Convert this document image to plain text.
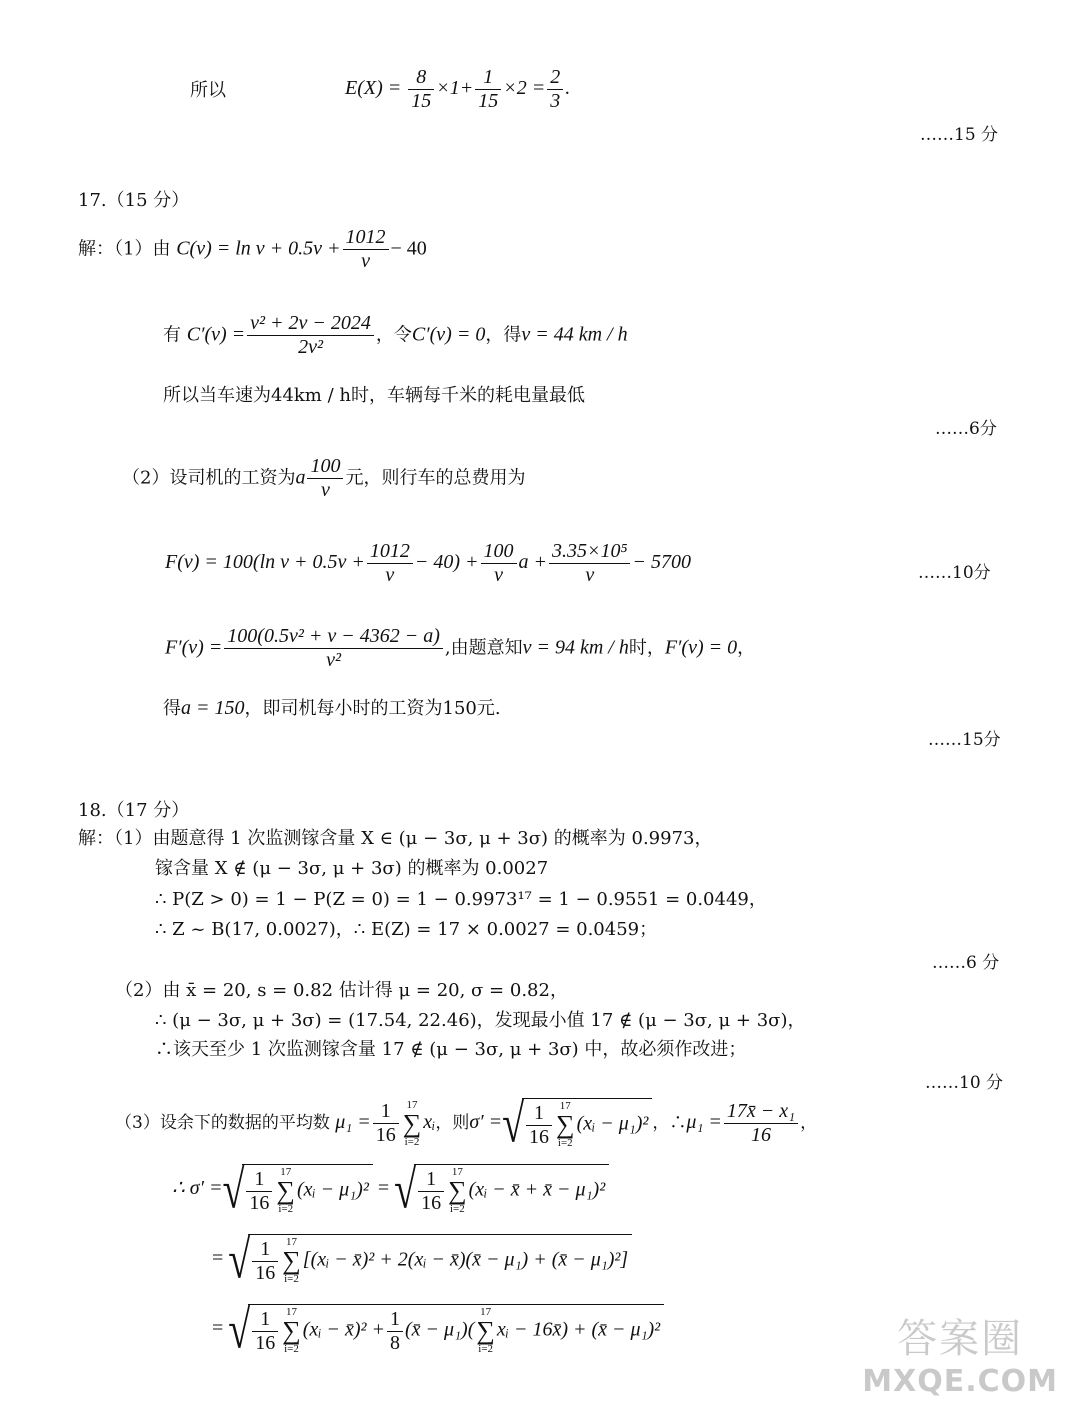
所以	$E(X) = \frac{8}{15} \times 1+ \frac{1}{15} \times 2 = \frac{2}{3}$ .
……15 分
17.（15 分）
解：（1）由 $C(v) = \ln v + 0.5v + \frac{1012}{v} - 40$
有 $C'(v) = \frac{\text{v² + 2v − 2024}}{\text{2v²}}$ ，令C′(v) = 0，得v = 44 km / h
所以当车速为44km / h时，车辆每千米的耗电量最低
……6分
（2）设司机的工资为a $\frac{100}{v}$ 元，则行车的总费用为
F(v) = 100(ln $v + 0.5v + \frac{1012}{v} - 40) + \frac{100}{v}$ $a + \frac{\text{3.35×10⁵}}{v} - 5700$	……10分
$F'(v) = \frac{\text{100(0.5v² + v − 4362 − a)}}{\text{v²}}$ ,由题意知v = 94 km / h时，F′(v) = 0，
得a = 150，即司机每小时的工资为150元.
……15分
18.（17 分）
解：（1）由题意得 1 次监测镓含量 X ∈ (μ − 3σ, μ + 3σ) 的概率为 0.9973，
镓含量 X ∉ (μ − 3σ, μ + 3σ) 的概率为 0.0027
∴ P(Z > 0) = 1 − P(Z = 0) = 1 − 0.9973¹⁷ = 1 − 0.9551 = 0.0449，
∴ Z ~ B(17, 0.0027)，∴ E(Z) = 17 × 0.0027 = 0.0459；
……6 分
（2）由 x̄ = 20, s = 0.82 估计得 μ = 20, σ = 0.82，
∴ (μ − 3σ, μ + 3σ) = (17.54, 22.46)，发现最小值 17 ∉ (μ − 3σ, μ + 3σ)，
∴该天至少 1 次监测镓含量 17 ∉ (μ − 3σ, μ + 3σ) 中，故必须作改进；
……10 分
（3）设余下的数据的平均数 $\mu_1 = \frac{1}{16} 17$
∑
i=2
xᵢ，则σ′ =√ $\frac{1}{16} 17$
∑
i=2
(xᵢ − μ₁)² ，∴μ₁ = $\frac{\text{17x̄ − x₁}}{16}$ ，
∴ σ′ =√ $\frac{1}{16} 17$
∑
i=2
(xᵢ − μ₁)² = √ $\frac{1}{16} 17$
∑
i=2
(xᵢ − x̄ + x̄ − μ₁)²
= √ $\frac{1}{16} 17$
∑
i=2
[(xᵢ − x̄)² + 2(xᵢ − x̄)(x̄ − μ₁) + (x̄ − μ₁)²]
= √ $\frac{1}{16} 17$
∑
i=2
(xᵢ − x̄)² + $\frac{1}{8}$ (x̄ − μ₁)(
17
∑
i=2
xᵢ − 16x̄) + (x̄ − μ₁)²	答案圈
MXQE.COM
